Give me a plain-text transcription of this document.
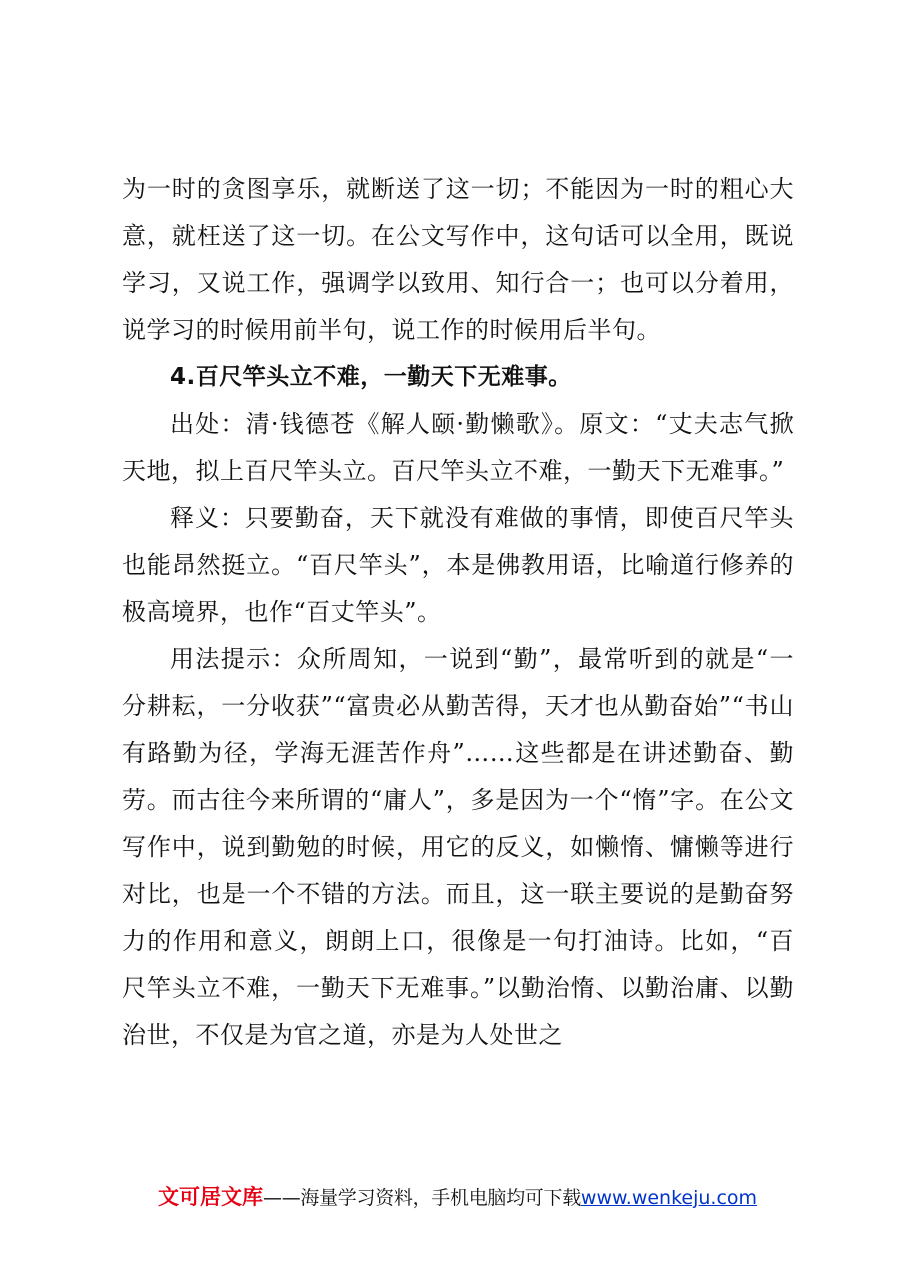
为一时的贪图享乐，就断送了这一切；不能因为一时的粗心大意，就枉送了这一切。在公文写作中，这句话可以全用，既说学习，又说工作，强调学以致用、知行合一；也可以分着用，说学习的时候用前半句，说工作的时候用后半句。

4.百尺竿头立不难，一勤天下无难事。

出处：清·钱德苍《解人颐·勤懒歌》。原文：“丈夫志气掀天地，拟上百尺竿头立。百尺竿头立不难，一勤天下无难事。”

释义：只要勤奋，天下就没有难做的事情，即使百尺竿头也能昂然挺立。“百尺竿头”，本是佛教用语，比喻道行修养的极高境界，也作“百丈竿头”。

用法提示：众所周知，一说到“勤”，最常听到的就是“一分耕耘，一分收获”“富贵必从勤苦得，天才也从勤奋始”“书山有路勤为径，学海无涯苦作舟”……这些都是在讲述勤奋、勤劳。而古往今来所谓的“庸人”，多是因为一个“惰”字。在公文写作中，说到勤勉的时候，用它的反义，如懒惰、慵懒等进行对比，也是一个不错的方法。而且，这一联主要说的是勤奋努力的作用和意义，朗朗上口，很像是一句打油诗。比如，“百尺竿头立不难，一勤天下无难事。”以勤治惰、以勤治庸、以勤治世，不仅是为官之道，亦是为人处世之

文可居文库——海量学习资料，手机电脑均可下载www.wenkeju.com
